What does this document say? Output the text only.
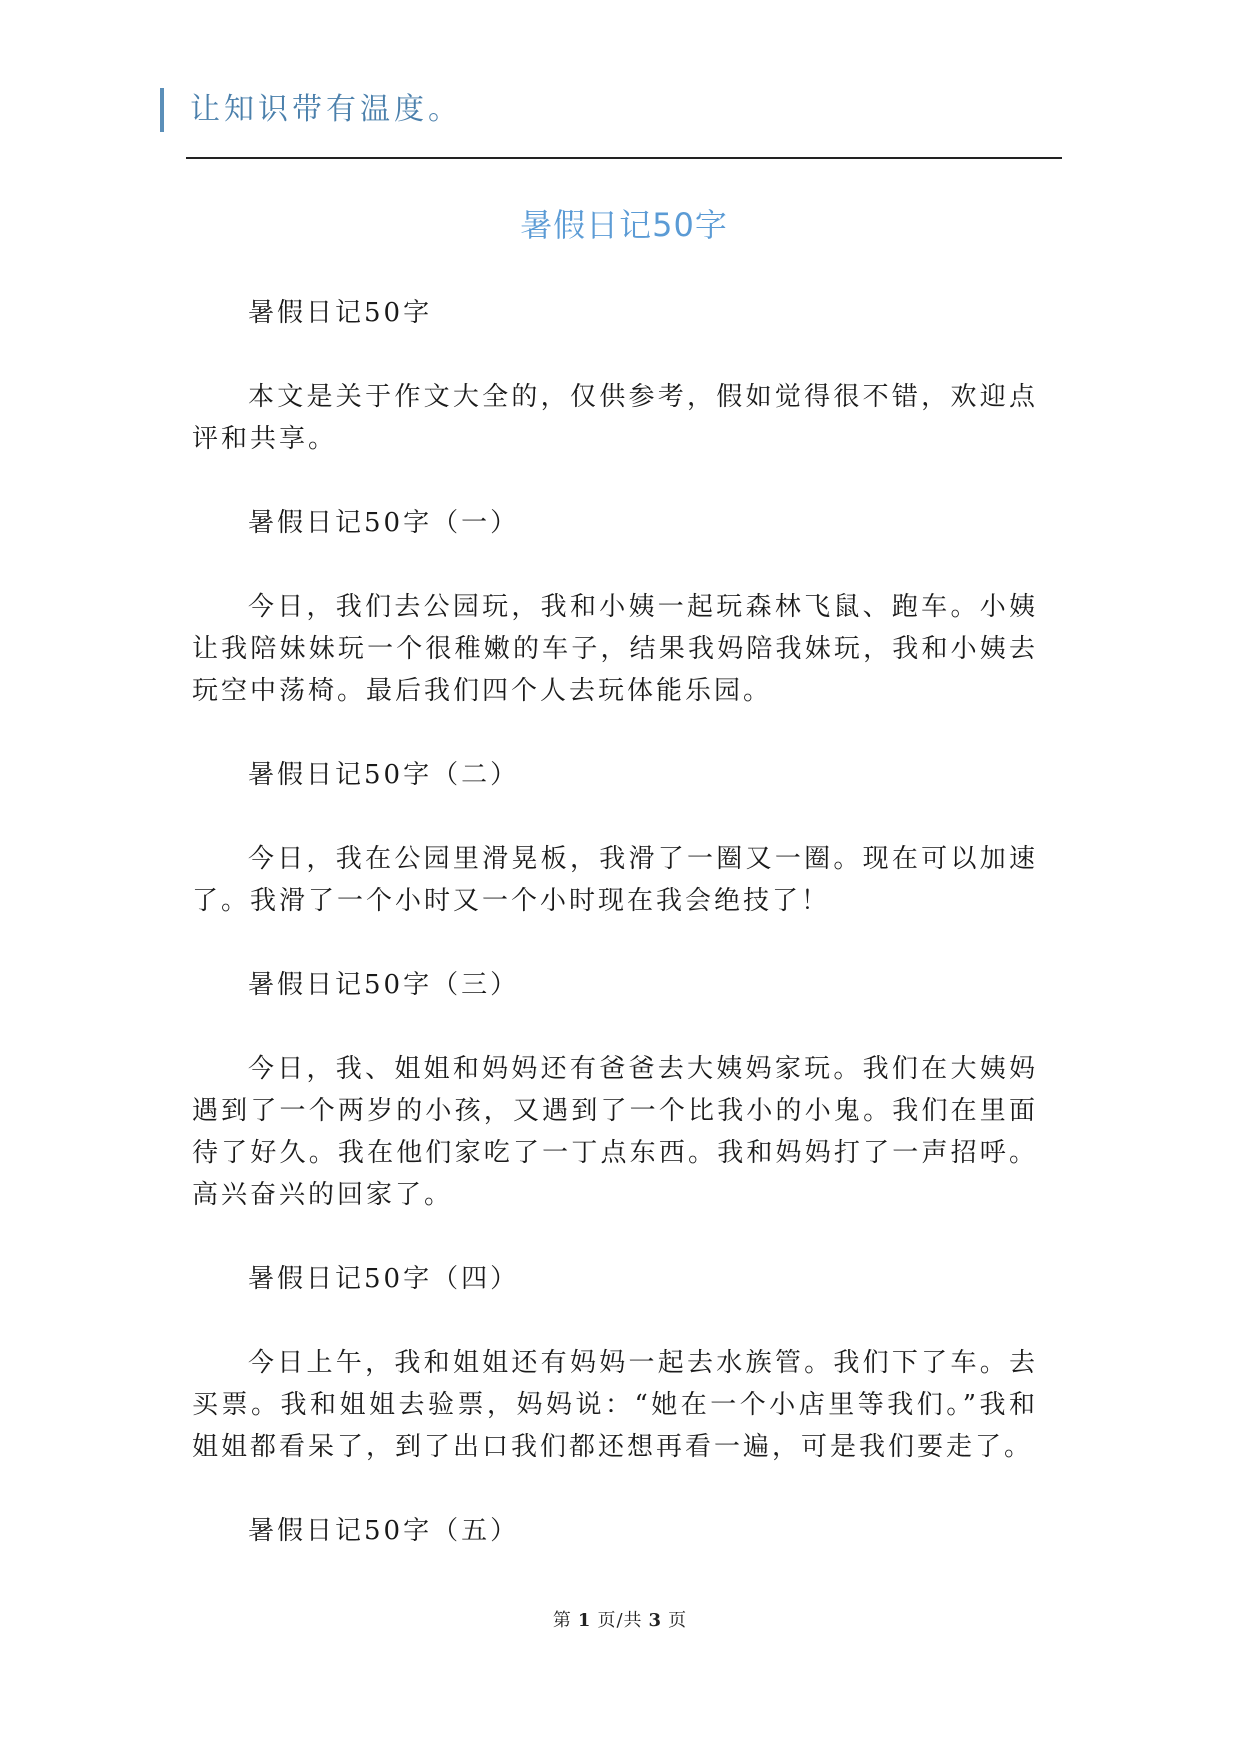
让知识带有温度。
暑假日记50字

暑假日记50字

本文是关于作文大全的，仅供参考，假如觉得很不错，欢迎点评和共享。

暑假日记50字（一）

今日，我们去公园玩，我和小姨一起玩森林飞鼠、跑车。小姨让我陪妹妹玩一个很稚嫩的车子，结果我妈陪我妹玩，我和小姨去玩空中荡椅。最后我们四个人去玩体能乐园。

暑假日记50字（二）

今日，我在公园里滑晃板，我滑了一圈又一圈。现在可以加速了。我滑了一个小时又一个小时现在我会绝技了！

暑假日记50字（三）

今日，我、姐姐和妈妈还有爸爸去大姨妈家玩。我们在大姨妈遇到了一个两岁的小孩，又遇到了一个比我小的小鬼。我们在里面待了好久。我在他们家吃了一丁点东西。我和妈妈打了一声招呼。高兴奋兴的回家了。

暑假日记50字（四）

今日上午，我和姐姐还有妈妈一起去水族管。我们下了车。去买票。我和姐姐去验票，妈妈说：“她在一个小店里等我们。”我和姐姐都看呆了，到了出口我们都还想再看一遍，可是我们要走了。

暑假日记50字（五）

第 1 页/共 3 页
